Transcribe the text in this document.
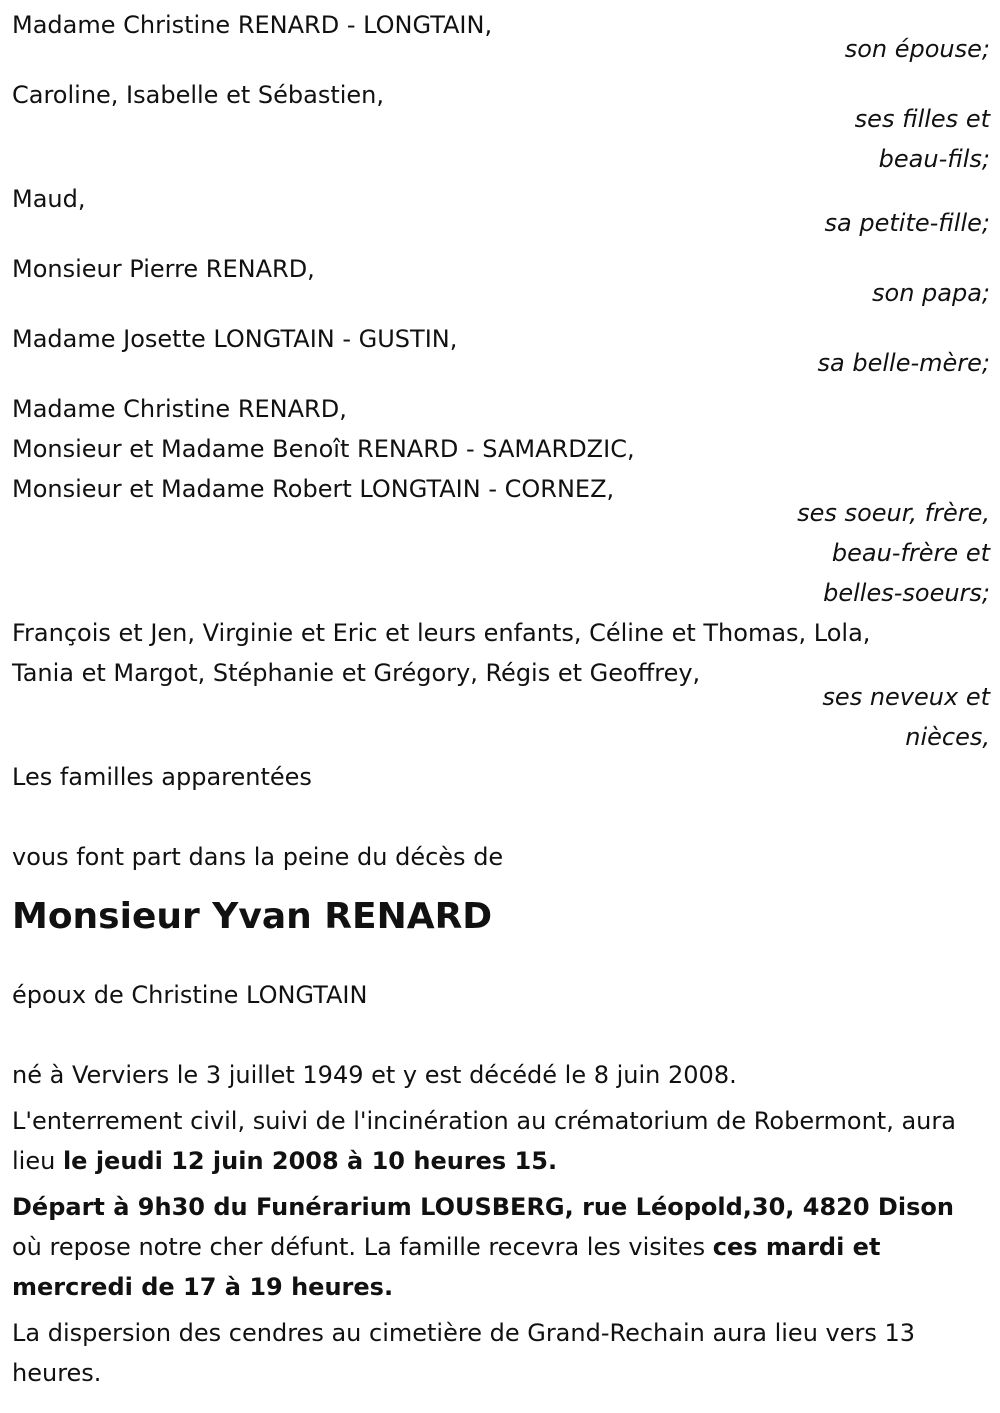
Madame Christine RENARD - LONGTAIN,
son épouse;
Caroline, Isabelle et Sébastien,
ses filles et
beau-fils;
Maud,
sa petite-fille;
Monsieur Pierre RENARD,
son papa;
Madame Josette LONGTAIN - GUSTIN,
sa belle-mère;
Madame Christine RENARD,
Monsieur et Madame Benoît RENARD - SAMARDZIC,
Monsieur et Madame Robert LONGTAIN - CORNEZ,
ses soeur, frère,
beau-frère et
belles-soeurs;
François et Jen, Virginie et Eric et leurs enfants, Céline et Thomas, Lola,
Tania et Margot, Stéphanie et Grégory, Régis et Geoffrey,
ses neveux et
nièces,
Les familles apparentées
vous font part dans la peine du décès de
Monsieur Yvan RENARD
époux de Christine LONGTAIN

né à Verviers le 3 juillet 1949 et y est décédé le 8 juin 2008.

L'enterrement civil, suivi de l'incinération au crématorium de Robermont, aura lieu le jeudi 12 juin 2008 à 10 heures 15.

Départ à 9h30 du Funérarium LOUSBERG, rue Léopold,30, 4820 Dison où repose notre cher défunt. La famille recevra les visites ces mardi et mercredi de 17 à 19 heures.

La dispersion des cendres au cimetière de Grand-Rechain aura lieu vers 13 heures.
